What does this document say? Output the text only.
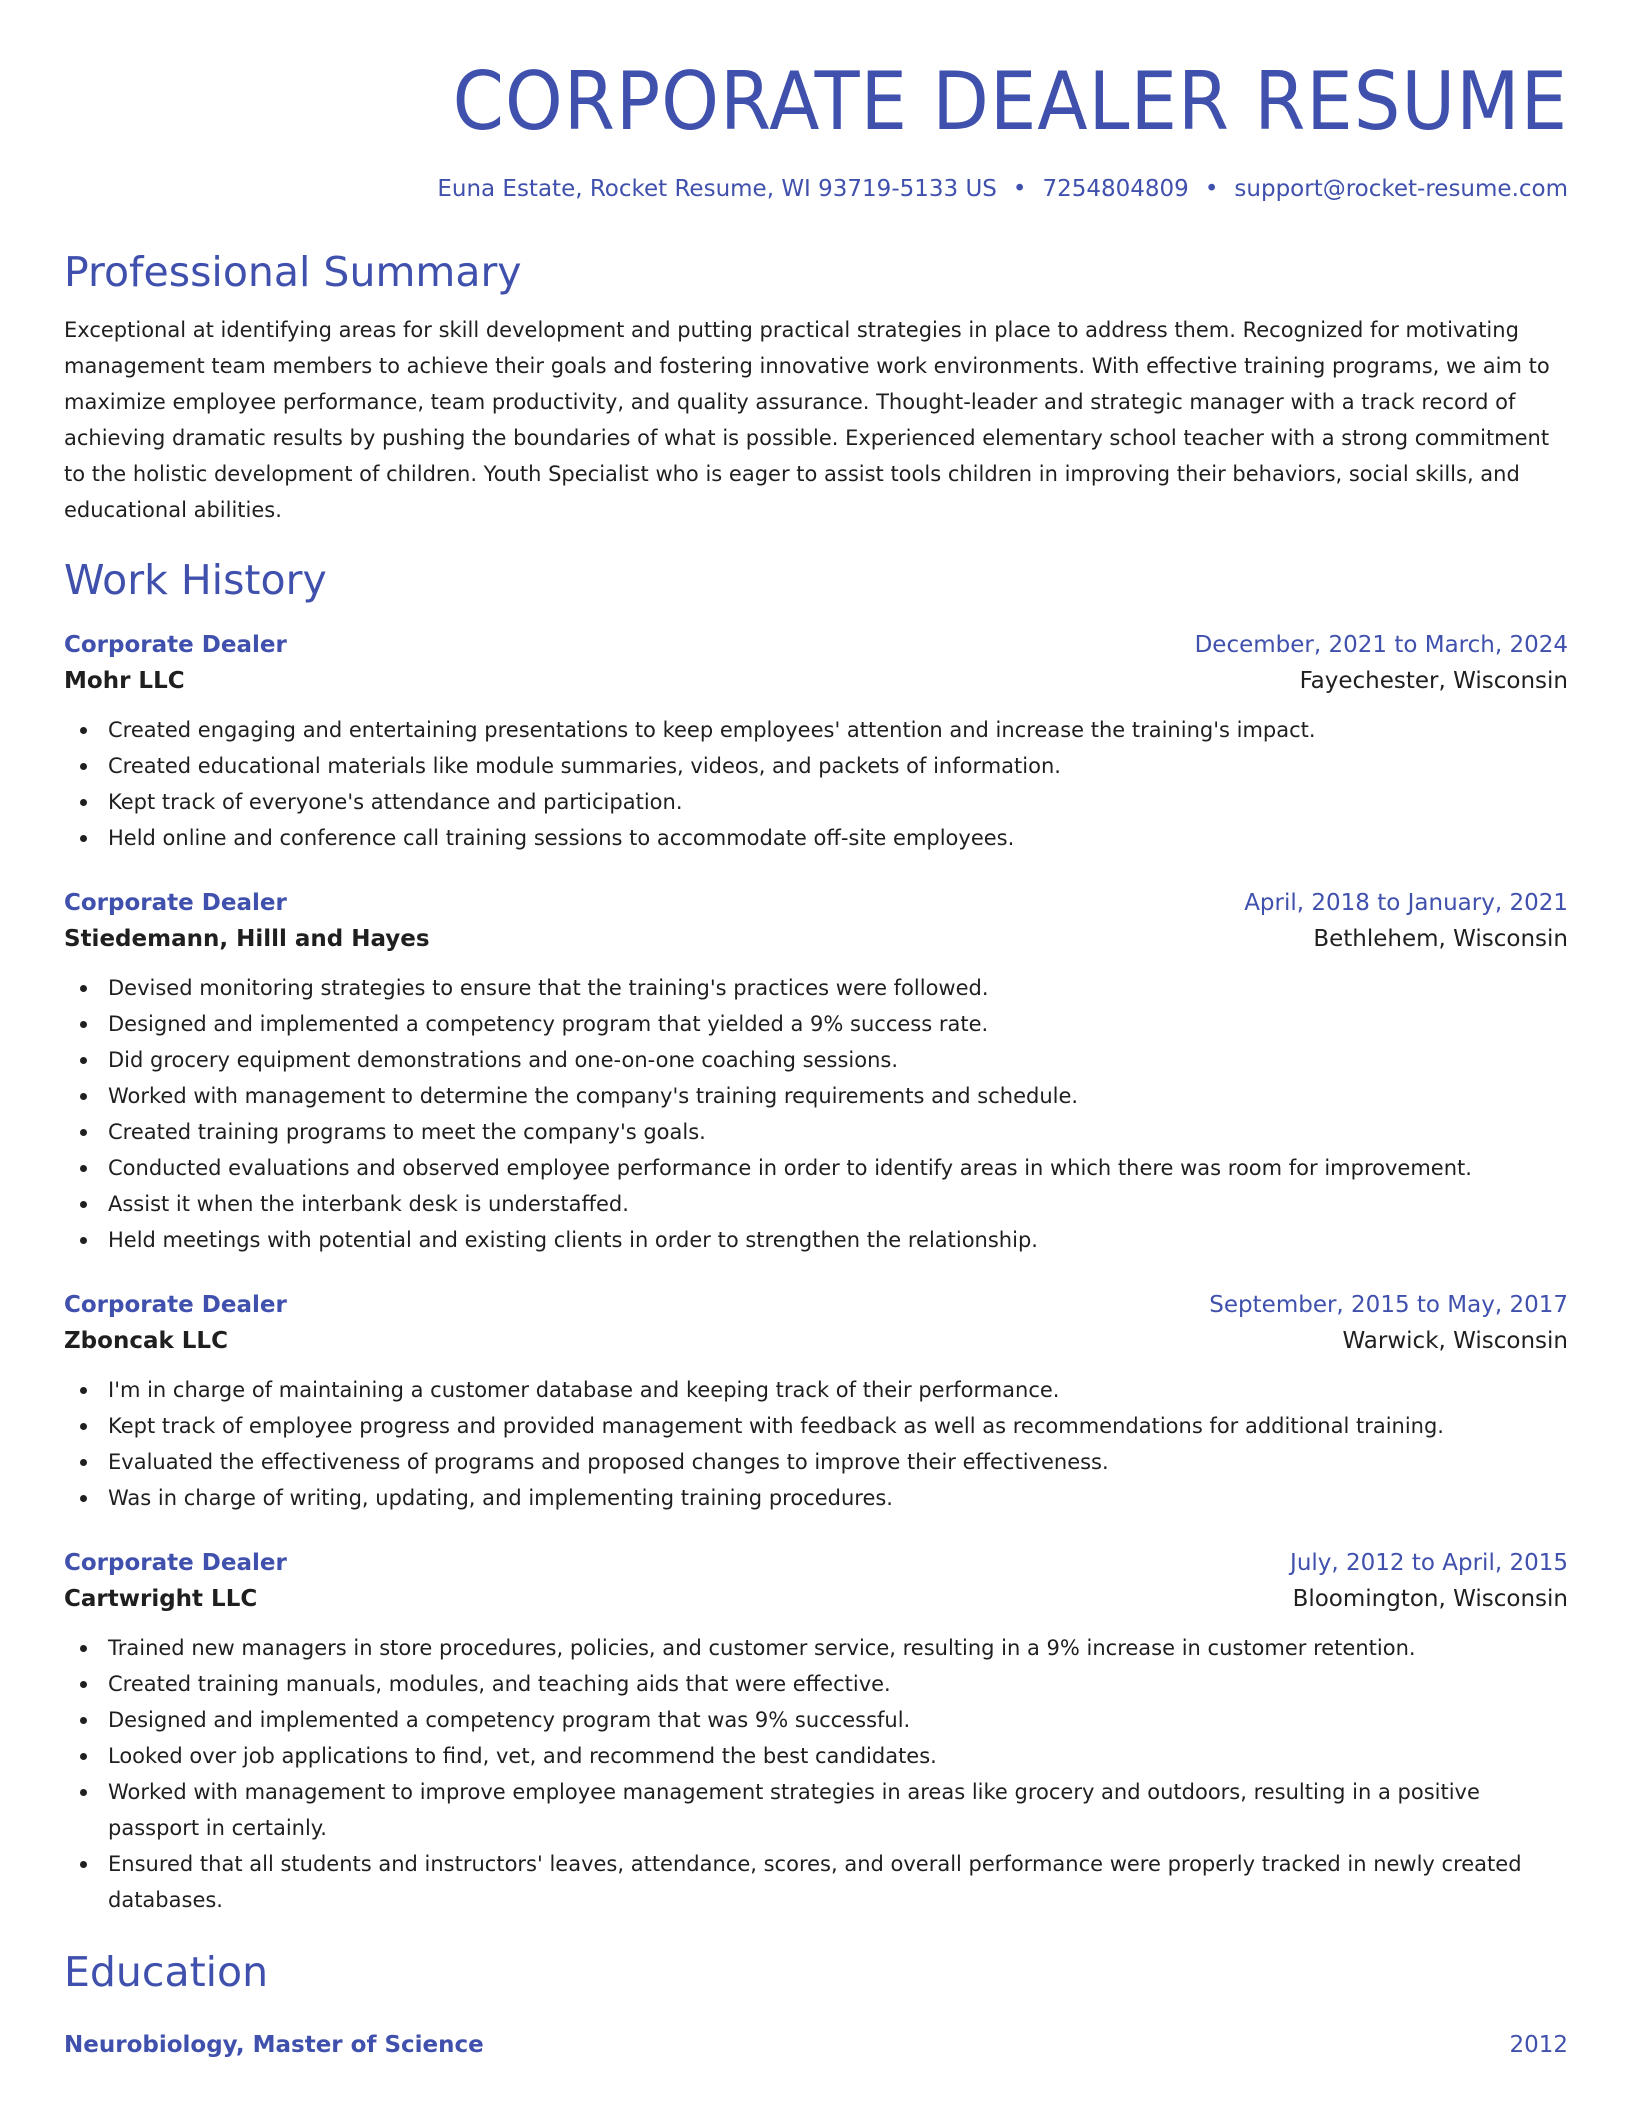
CORPORATE DEALER RESUME
Euna Estate, Rocket Resume, WI 93719-5133 US • 7254804809 • support@rocket-resume.com
Professional Summary

Exceptional at identifying areas for skill development and putting practical strategies in place to address them. Recognized for motivating management team members to achieve their goals and fostering innovative work environments. With effective training programs, we aim to maximize employee performance, team productivity, and quality assurance. Thought-leader and strategic manager with a track record of achieving dramatic results by pushing the boundaries of what is possible. Experienced elementary school teacher with a strong commitment to the holistic development of children. Youth Specialist who is eager to assist tools children in improving their behaviors, social skills, and educational abilities.

Work History
Corporate Dealer	December, 2021 to March, 2024
Mohr LLC	Fayechester, Wisconsin
Created engaging and entertaining presentations to keep employees' attention and increase the training's impact.
Created educational materials like module summaries, videos, and packets of information.
Kept track of everyone's attendance and participation.
Held online and conference call training sessions to accommodate off-site employees.
Corporate Dealer	April, 2018 to January, 2021
Stiedemann, Hilll and Hayes	Bethlehem, Wisconsin
Devised monitoring strategies to ensure that the training's practices were followed.
Designed and implemented a competency program that yielded a 9% success rate.
Did grocery equipment demonstrations and one-on-one coaching sessions.
Worked with management to determine the company's training requirements and schedule.
Created training programs to meet the company's goals.
Conducted evaluations and observed employee performance in order to identify areas in which there was room for improvement.
Assist it when the interbank desk is understaffed.
Held meetings with potential and existing clients in order to strengthen the relationship.
Corporate Dealer	September, 2015 to May, 2017
Zboncak LLC	Warwick, Wisconsin
I'm in charge of maintaining a customer database and keeping track of their performance.
Kept track of employee progress and provided management with feedback as well as recommendations for additional training.
Evaluated the effectiveness of programs and proposed changes to improve their effectiveness.
Was in charge of writing, updating, and implementing training procedures.
Corporate Dealer	July, 2012 to April, 2015
Cartwright LLC	Bloomington, Wisconsin
Trained new managers in store procedures, policies, and customer service, resulting in a 9% increase in customer retention.
Created training manuals, modules, and teaching aids that were effective.
Designed and implemented a competency program that was 9% successful.
Looked over job applications to find, vet, and recommend the best candidates.
Worked with management to improve employee management strategies in areas like grocery and outdoors, resulting in a positive passport in certainly.
Ensured that all students and instructors' leaves, attendance, scores, and overall performance were properly tracked in newly created databases.
Education
Neurobiology, Master of Science	2012
